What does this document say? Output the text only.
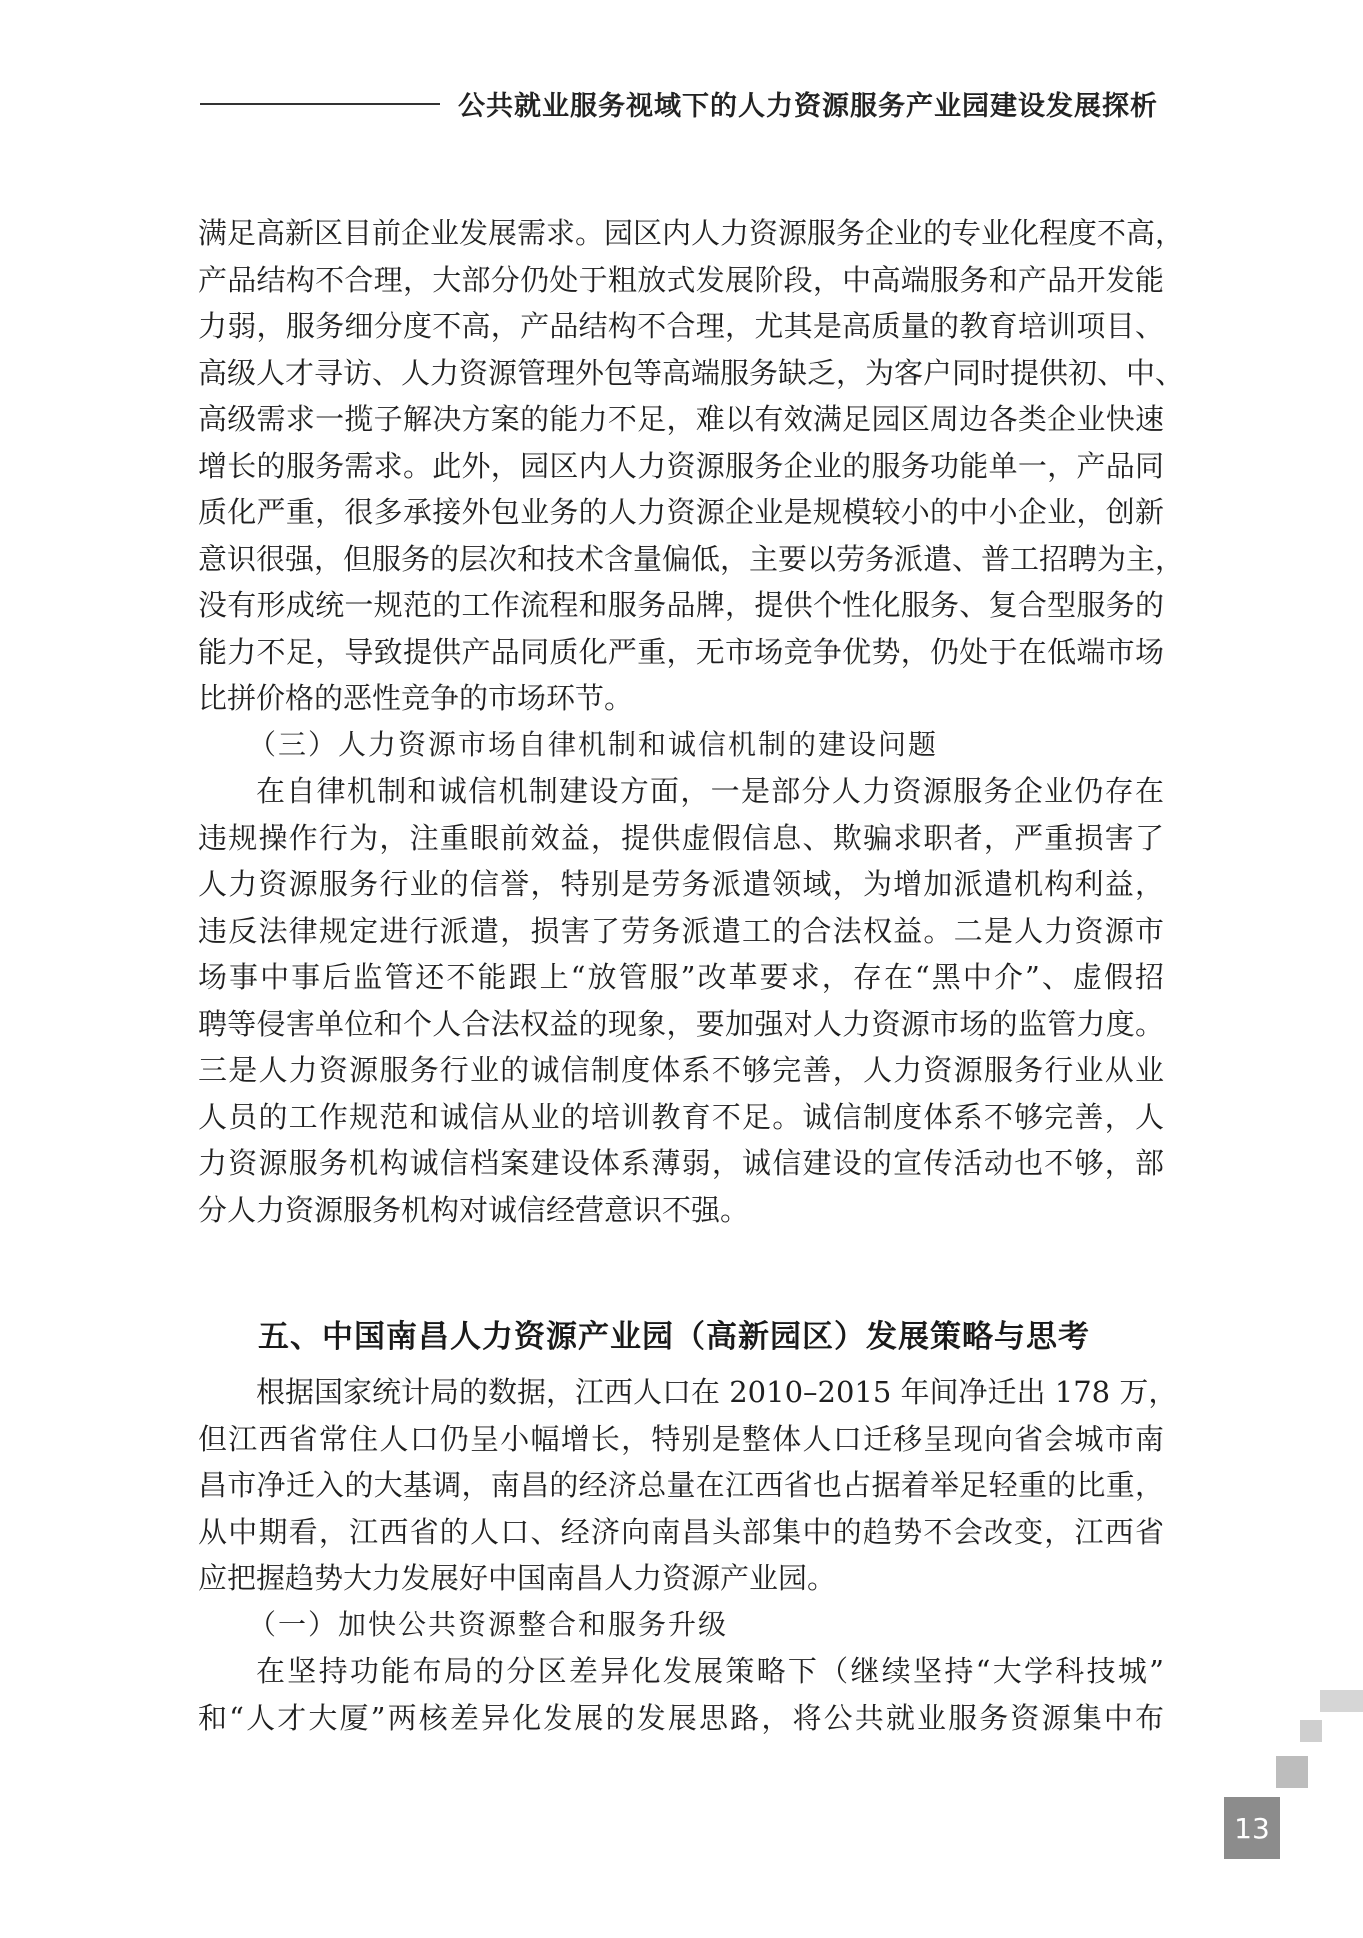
公共就业服务视域下的人力资源服务产业园建设发展探析
满足高新区目前企业发展需求。园区内人力资源服务企业的专业化程度不高，
产品结构不合理，大部分仍处于粗放式发展阶段，中高端服务和产品开发能
力弱，服务细分度不高，产品结构不合理，尤其是高质量的教育培训项目、
高级人才寻访、人力资源管理外包等高端服务缺乏，为客户同时提供初、中、
高级需求一揽子解决方案的能力不足，难以有效满足园区周边各类企业快速
增长的服务需求。此外，园区内人力资源服务企业的服务功能单一，产品同
质化严重，很多承接外包业务的人力资源企业是规模较小的中小企业，创新
意识很强，但服务的层次和技术含量偏低，主要以劳务派遣、普工招聘为主，
没有形成统一规范的工作流程和服务品牌，提供个性化服务、复合型服务的
能力不足，导致提供产品同质化严重，无市场竞争优势，仍处于在低端市场
比拼价格的恶性竞争的市场环节。
（三）人力资源市场自律机制和诚信机制的建设问题
在自律机制和诚信机制建设方面，一是部分人力资源服务企业仍存在
违规操作行为，注重眼前效益，提供虚假信息、欺骗求职者，严重损害了
人力资源服务行业的信誉，特别是劳务派遣领域，为增加派遣机构利益，
违反法律规定进行派遣，损害了劳务派遣工的合法权益。二是人力资源市
场事中事后监管还不能跟上“放管服”改革要求，存在“黑中介”、虚假招
聘等侵害单位和个人合法权益的现象，要加强对人力资源市场的监管力度。
三是人力资源服务行业的诚信制度体系不够完善，人力资源服务行业从业
人员的工作规范和诚信从业的培训教育不足。诚信制度体系不够完善，人
力资源服务机构诚信档案建设体系薄弱，诚信建设的宣传活动也不够，部
分人力资源服务机构对诚信经营意识不强。
五、中国南昌人力资源产业园（高新园区）发展策略与思考
根据国家统计局的数据，江西人口在 2010–2015 年间净迁出 178 万，
但江西省常住人口仍呈小幅增长，特别是整体人口迁移呈现向省会城市南
昌市净迁入的大基调，南昌的经济总量在江西省也占据着举足轻重的比重，
从中期看，江西省的人口、经济向南昌头部集中的趋势不会改变，江西省
应把握趋势大力发展好中国南昌人力资源产业园。
（一）加快公共资源整合和服务升级
在坚持功能布局的分区差异化发展策略下（继续坚持“大学科技城”
和“人才大厦”两核差异化发展的发展思路，将公共就业服务资源集中布
13
